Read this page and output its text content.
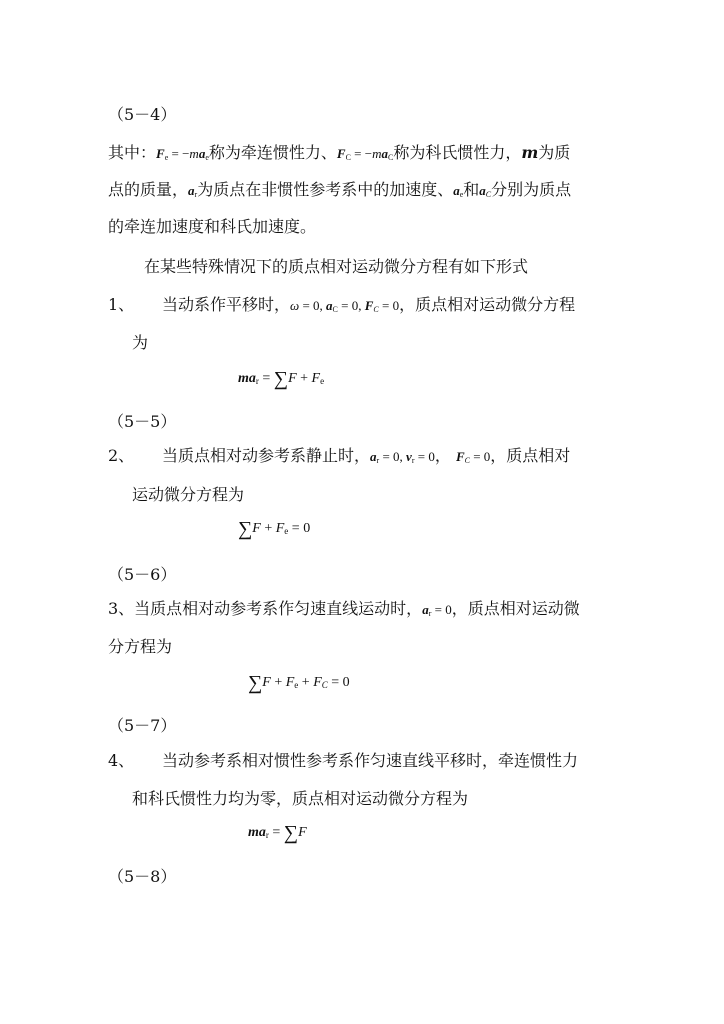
（5－4）
其中：$F_e = -ma_e$称为牵连惯性力、$F_C = -ma_C$称为科氏惯性力，m为质
点的质量，$a_r$为质点在非惯性参考系中的加速度、$a_e$和$a_C$分别为质点
的牵连加速度和科氏加速度。
在某些特殊情况下的质点相对运动微分方程有如下形式
1、 当动系作平移时，ω = 0, $a_C = 0$, $F_C = 0$，质点相对运动微分方程
为
$ma_r = \sum F + F_e$
（5－5）
2、 当质点相对动参考系静止时，$a_r = 0$, $v_r = 0$， $F_C = 0$，质点相对
运动微分方程为
$\sum F + F_e = 0$
（5－6）
3、当质点相对动参考系作匀速直线运动时，$a_r = 0$，质点相对运动微
分方程为
$\sum F + F_e + F_C = 0$
（5－7）
4、 当动参考系相对惯性参考系作匀速直线平移时，牵连惯性力
和科氏惯性力均为零，质点相对运动微分方程为
$ma_r = \sum F$
（5－8）
